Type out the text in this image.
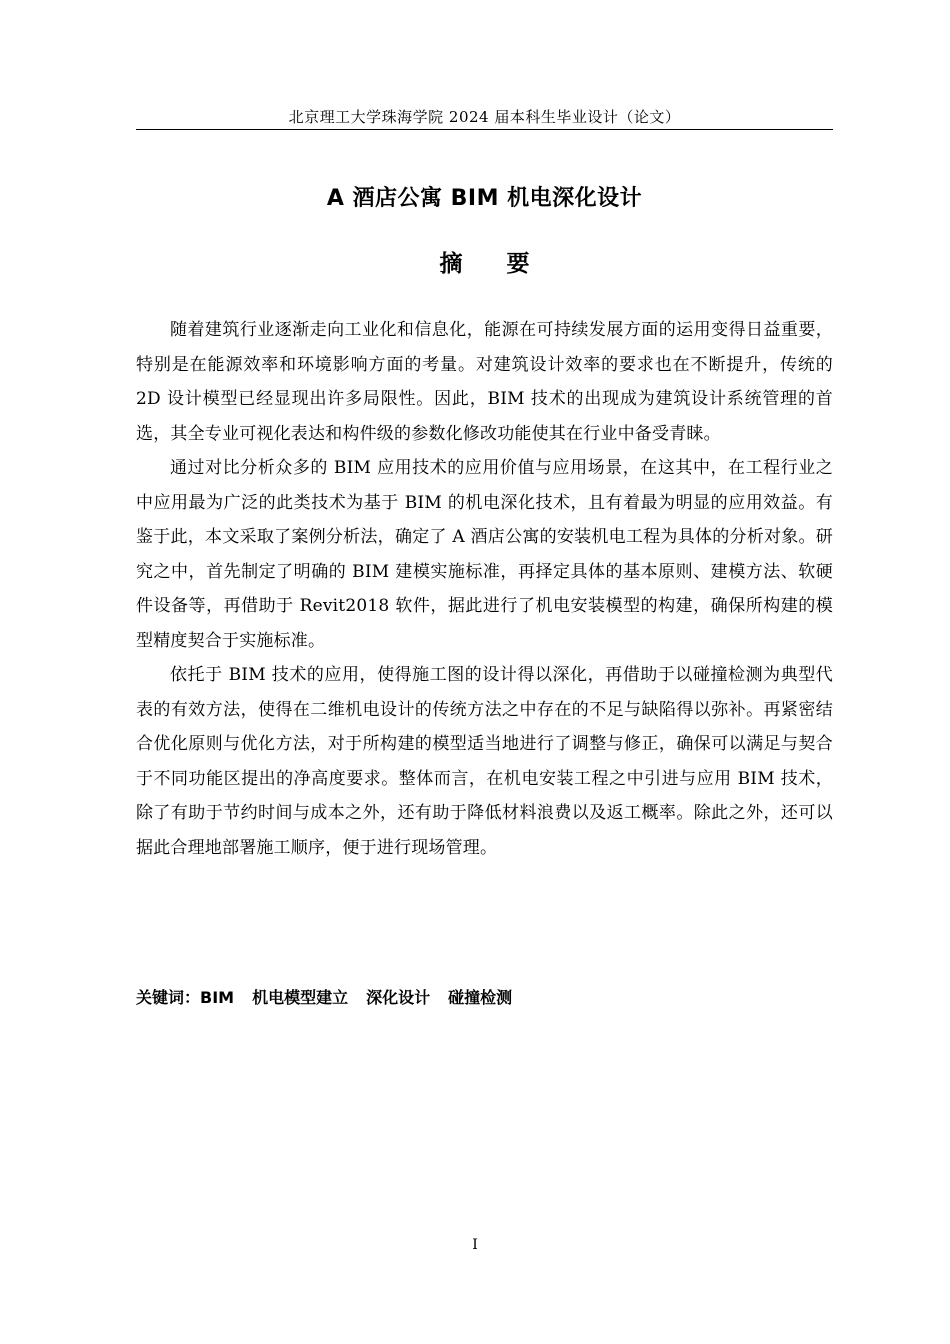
北京理工大学珠海学院 2024 届本科生毕业设计（论文）
A 酒店公寓 BIM 机电深化设计
摘 要

随着建筑行业逐渐走向工业化和信息化，能源在可持续发展方面的运用变得日益重要，特别是在能源效率和环境影响方面的考量。对建筑设计效率的要求也在不断提升，传统的 2D 设计模型已经显现出许多局限性。因此，BIM 技术的出现成为建筑设计系统管理的首选，其全专业可视化表达和构件级的参数化修改功能使其在行业中备受青睐。

通过对比分析众多的 BIM 应用技术的应用价值与应用场景，在这其中，在工程行业之中应用最为广泛的此类技术为基于 BIM 的机电深化技术，且有着最为明显的应用效益。有鉴于此，本文采取了案例分析法，确定了 A 酒店公寓的安装机电工程为具体的分析对象。研究之中，首先制定了明确的 BIM 建模实施标准，再择定具体的基本原则、建模方法、软硬件设备等，再借助于 Revit2018 软件，据此进行了机电安装模型的构建，确保所构建的模型精度契合于实施标准。

依托于 BIM 技术的应用，使得施工图的设计得以深化，再借助于以碰撞检测为典型代表的有效方法，使得在二维机电设计的传统方法之中存在的不足与缺陷得以弥补。再紧密结合优化原则与优化方法，对于所构建的模型适当地进行了调整与修正，确保可以满足与契合于不同功能区提出的净高度要求。整体而言，在机电安装工程之中引进与应用 BIM 技术，除了有助于节约时间与成本之外，还有助于降低材料浪费以及返工概率。除此之外，还可以据此合理地部署施工顺序，便于进行现场管理。

关键词：BIM 机电模型建立 深化设计 碰撞检测

I
